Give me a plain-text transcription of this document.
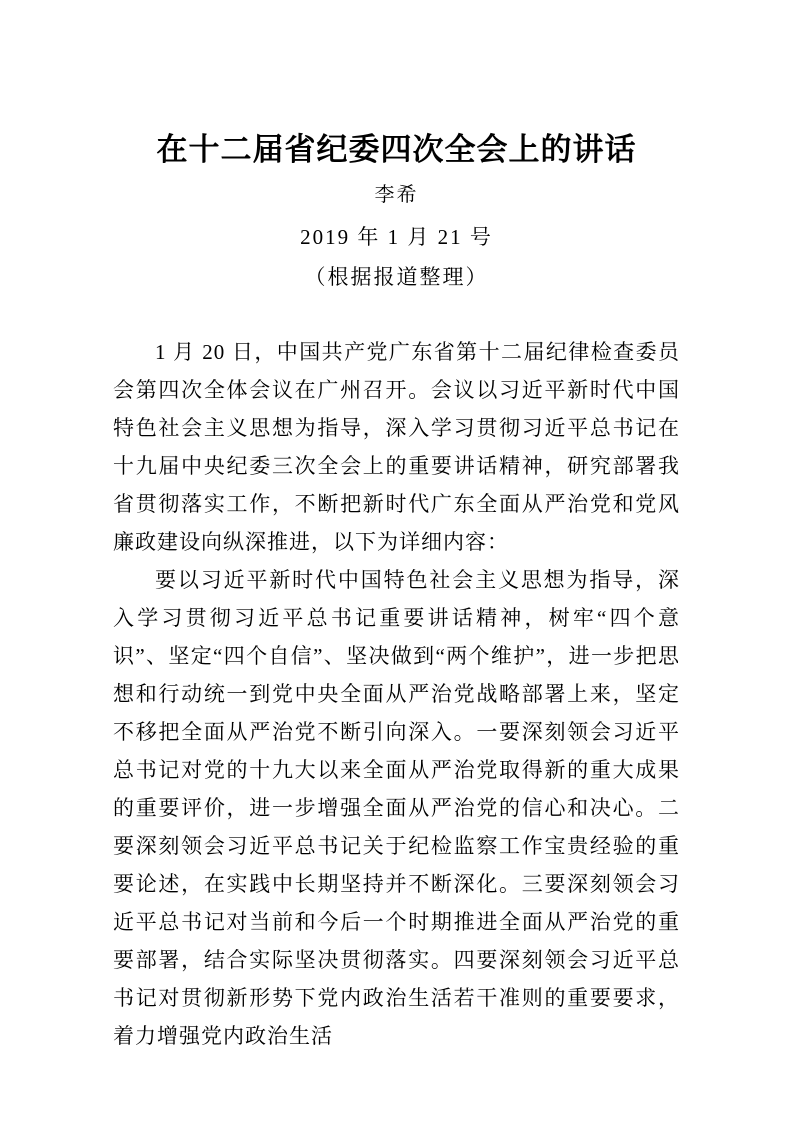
在十二届省纪委四次全会上的讲话
李希
2019 年 1 月 21 号
（根据报道整理）

1 月 20 日，中国共产党广东省第十二届纪律检查委员会第四次全体会议在广州召开。会议以习近平新时代中国特色社会主义思想为指导，深入学习贯彻习近平总书记在十九届中央纪委三次全会上的重要讲话精神，研究部署我省贯彻落实工作，不断把新时代广东全面从严治党和党风廉政建设向纵深推进，以下为详细内容：

要以习近平新时代中国特色社会主义思想为指导，深入学习贯彻习近平总书记重要讲话精神，树牢“四个意识”、坚定“四个自信”、坚决做到“两个维护”，进一步把思想和行动统一到党中央全面从严治党战略部署上来，坚定不移把全面从严治党不断引向深入。一要深刻领会习近平总书记对党的十九大以来全面从严治党取得新的重大成果的重要评价，进一步增强全面从严治党的信心和决心。二要深刻领会习近平总书记关于纪检监察工作宝贵经验的重要论述，在实践中长期坚持并不断深化。三要深刻领会习近平总书记对当前和今后一个时期推进全面从严治党的重要部署，结合实际坚决贯彻落实。四要深刻领会习近平总书记对贯彻新形势下党内政治生活若干准则的重要要求，着力增强党内政治生活
